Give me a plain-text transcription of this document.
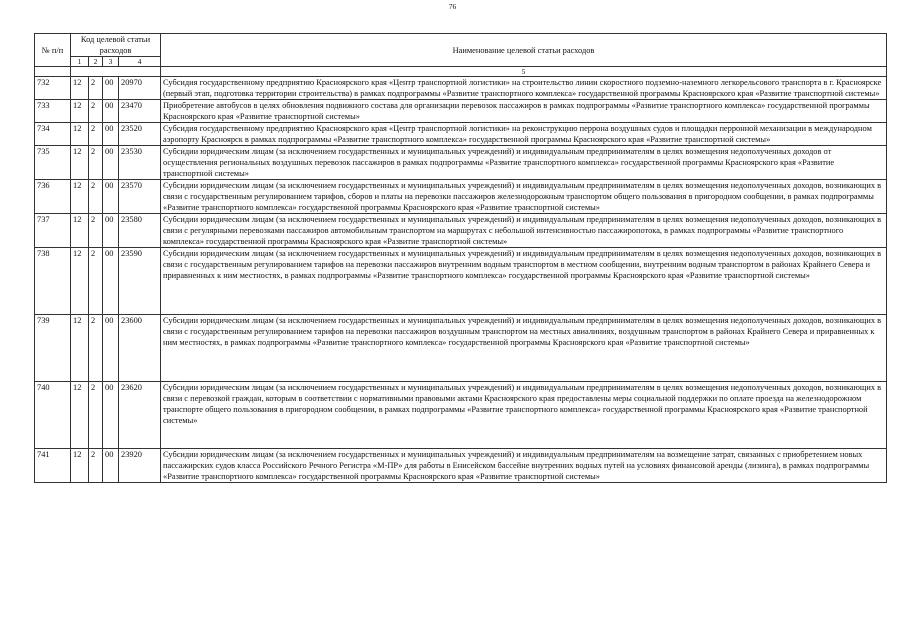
76
№ п/п	Код целевой статьи расходов				Наименование целевой статьи расходов
	1	2	3	4	
					5
732	12	2	00	20970	Субсидия государственному предприятию Красноярского края «Центр транспортной логистики» на строительство линии скоростного подземно-наземного легкорельсового транспорта в г. Красноярске (первый этап, подготовка территории строительства) в рамках подпрограммы «Развитие транспортного комплекса» государственной программы Красноярского края «Развитие транспортной системы»
733	12	2	00	23470	Приобретение автобусов в целях обновления подвижного состава для организации перевозок пассажиров в рамках подпрограммы «Развитие транспортного комплекса» государственной программы Красноярского края «Развитие транспортной системы»
734	12	2	00	23520	Субсидия государственному предприятию Красноярского края «Центр транспортной логистики» на реконструкцию перрона воздушных судов и площадки перронной механизации в международном аэропорту Красноярск в рамках подпрограммы «Развитие транспортного комплекса» государственной программы Красноярского края «Развитие транспортной системы»
735	12	2	00	23530	Субсидии юридическим лицам (за исключением государственных и муниципальных учреждений) и индивидуальным предпринимателям в целях возмещения недополученных доходов от осуществления региональных воздушных перевозок пассажиров в рамках подпрограммы «Развитие транспортного комплекса» государственной программы Красноярского края «Развитие транспортной системы»
736	12	2	00	23570	Субсидии юридическим лицам (за исключением государственных и муниципальных учреждений) и индивидуальным предпринимателям в целях возмещения недополученных доходов, возникающих в связи с государственным регулированием тарифов, сборов и платы на перевозки пассажиров железнодорожным транспортом общего пользования в пригородном сообщении, в рамках подпрограммы «Развитие транспортного комплекса» государственной программы Красноярского края «Развитие транспортной системы»
737	12	2	00	23580	Субсидии юридическим лицам (за исключением государственных и муниципальных учреждений) и индивидуальным предпринимателям в целях возмещения недополученных доходов, возникающих в связи с регулярными перевозками пассажиров автомобильным транспортом на маршрутах с небольшой интенсивностью пассажиропотока, в рамках подпрограммы «Развитие транспортного комплекса» государственной программы Красноярского края «Развитие транспортной системы»
738	12	2	00	23590	Субсидии юридическим лицам (за исключением государственных и муниципальных учреждений) и индивидуальным предпринимателям в целях возмещения недополученных доходов, возникающих в связи с государственным регулированием тарифов на перевозки пассажиров внутренним водным транспортом в местном сообщении, внутренним водным транспортом в районах Крайнего Севера и приравненных к ним местностях, в рамках подпрограммы «Развитие транспортного комплекса» государственной программы Красноярского края «Развитие транспортной системы»
739	12	2	00	23600	Субсидии юридическим лицам (за исключением государственных и муниципальных учреждений) и индивидуальным предпринимателям в целях возмещения недополученных доходов, возникающих в связи с государственным регулированием тарифов на перевозки пассажиров воздушным транспортом на местных авиалиниях, воздушным транспортом в районах Крайнего Севера и приравненных к ним местностях, в рамках подпрограммы «Развитие транспортного комплекса» государственной программы Красноярского края «Развитие транспортной системы»
740	12	2	00	23620	Субсидии юридическим лицам (за исключением государственных и муниципальных учреждений) и индивидуальным предпринимателям в целях возмещения недополученных доходов, возникающих в связи с перевозкой граждан, которым в соответствии с нормативными правовыми актами Красноярского края предоставлены меры социальной поддержки по оплате проезда на железнодорожном транспорте общего пользования в пригородном сообщении, в рамках подпрограммы «Развитие транспортного комплекса» государственной программы Красноярского края «Развитие транспортной системы»
741	12	2	00	23920	Субсидии юридическим лицам (за исключением государственных и муниципальных учреждений) и индивидуальным предпринимателям на возмещение затрат, связанных с приобретением новых пассажирских судов класса Российского Речного Регистра «М-ПР» для работы в Енисейском бассейне внутренних водных путей на условиях финансовой аренды (лизинга), в рамках подпрограммы «Развитие транспортного комплекса» государственной программы Красноярского края «Развитие транспортной системы»
